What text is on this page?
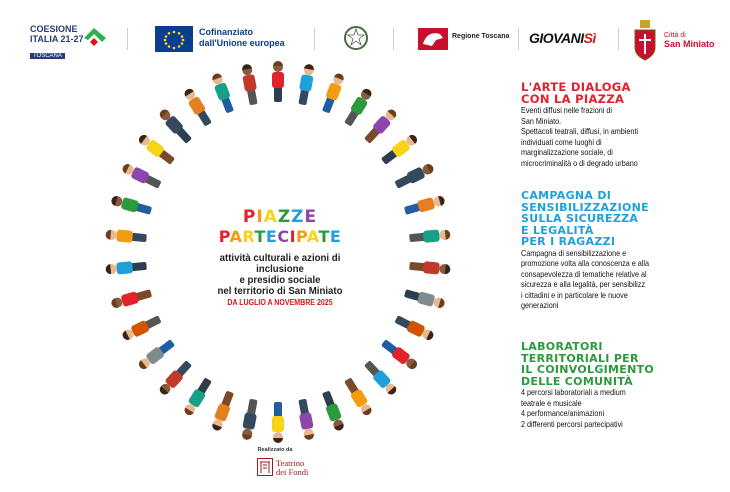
COESIONE
ITALIA 21-27
TOSCANA
Cofinanziato
dall'Unione europea
Regione Toscana GIOVANISì	Città di
San Miniato
PIAZZE
PARTECIPATE
attività culturali e azioni di inclusione
e presidio sociale
nel territorio di San Miniato
DA LUGLIO A NOVEMBRE 2025
Realizzato da
Teatrino
dei Fondi
L'ARTE DIALOGA
CON LA PIAZZA
Eventi diffusi nelle frazioni di
San Miniato.
Spettacoli teatrali, diffusi, in ambienti
individuati come luoghi di
marginalizzazione sociale, di
microcriminalità o di degrado urbano
CAMPAGNA DI
SENSIBILIZZAZIONE
SULLA SICUREZZA
E LEGALITÀ
PER I RAGAZZI
Campagna di sensibilizzazione e
promozione volta alla conoscenza e alla
consapevolezza di tematiche relative al
sicurezza e alla legalità, per sensibilizz
i cittadini e in particolare le nuove
generazioni
LABORATORI
TERRITORIALI PER
IL COINVOLGIMENTO
DELLE COMUNITÀ
4 percorsi laboratoriali a medium
teatrale e musicale
4 performance/animazioni
2 differenti percorsi partecipativi
